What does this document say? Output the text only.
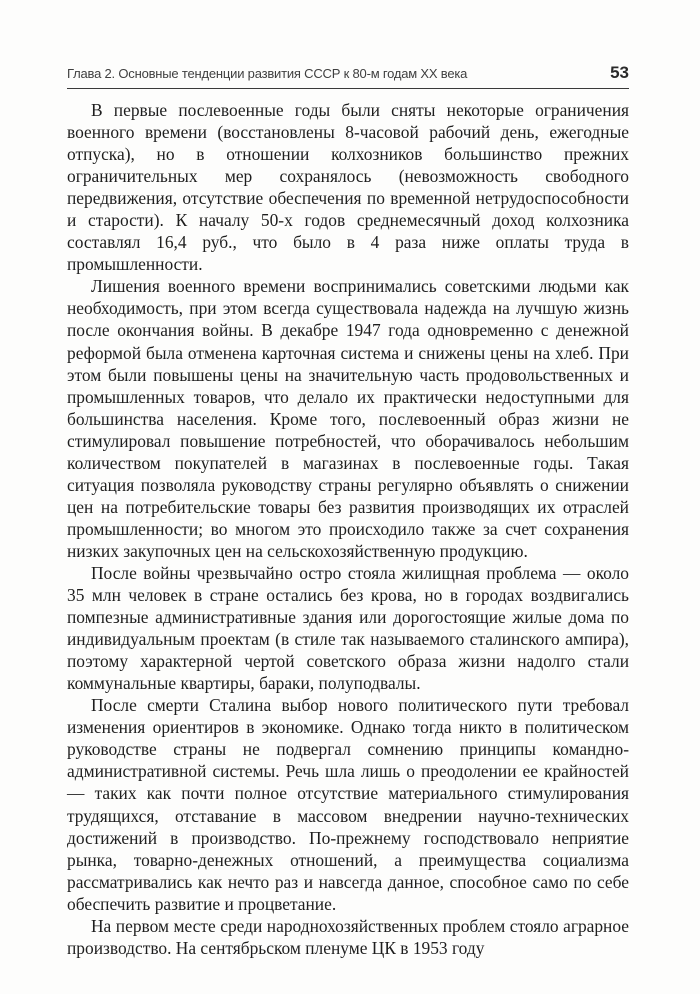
Глава 2. Основные тенденции развития СССР к 80-м годам XX века	53

В первые послевоенные годы были сняты некоторые ограничения военного времени (восстановлены 8-часовой рабочий день, ежегодные отпуска), но в отношении колхозников большинство прежних ограничительных мер сохранялось (невозможность свободного передвижения, отсутствие обеспечения по временной нетрудоспособности и старости). К началу 50-х годов среднемесячный доход колхозника составлял 16,4 руб., что было в 4 раза ниже оплаты труда в промышленности.

Лишения военного времени воспринимались советскими людьми как необходимость, при этом всегда существовала надежда на лучшую жизнь после окончания войны. В декабре 1947 года одновременно с денежной реформой была отменена карточная система и снижены цены на хлеб. При этом были повышены цены на значительную часть продовольственных и промышленных товаров, что делало их практически недоступными для большинства населения. Кроме того, послевоенный образ жизни не стимулировал повышение потребностей, что оборачивалось небольшим количеством покупателей в магазинах в послевоенные годы. Такая ситуация позволяла руководству страны регулярно объявлять о снижении цен на потребительские товары без развития производящих их отраслей промышленности; во многом это происходило также за счет сохранения низких закупочных цен на сельскохозяйственную продукцию.

После войны чрезвычайно остро стояла жилищная проблема — около 35 млн человек в стране остались без крова, но в городах воздвигались помпезные административные здания или дорогостоящие жилые дома по индивидуальным проектам (в стиле так называемого сталинского ампира), поэтому характерной чертой советского образа жизни надолго стали коммунальные квартиры, бараки, полуподвалы.

После смерти Сталина выбор нового политического пути требовал изменения ориентиров в экономике. Однако тогда никто в политическом руководстве страны не подвергал сомнению принципы командно-административной системы. Речь шла лишь о преодолении ее крайностей — таких как почти полное отсутствие материального стимулирования трудящихся, отставание в массовом внедрении научно-технических достижений в производство. По-прежнему господствовало неприятие рынка, товарно-денежных отношений, а преимущества социализма рассматривались как нечто раз и навсегда данное, способное само по себе обеспечить развитие и процветание.

На первом месте среди народнохозяйственных проблем стояло аграрное производство. На сентябрьском пленуме ЦК в 1953 году
